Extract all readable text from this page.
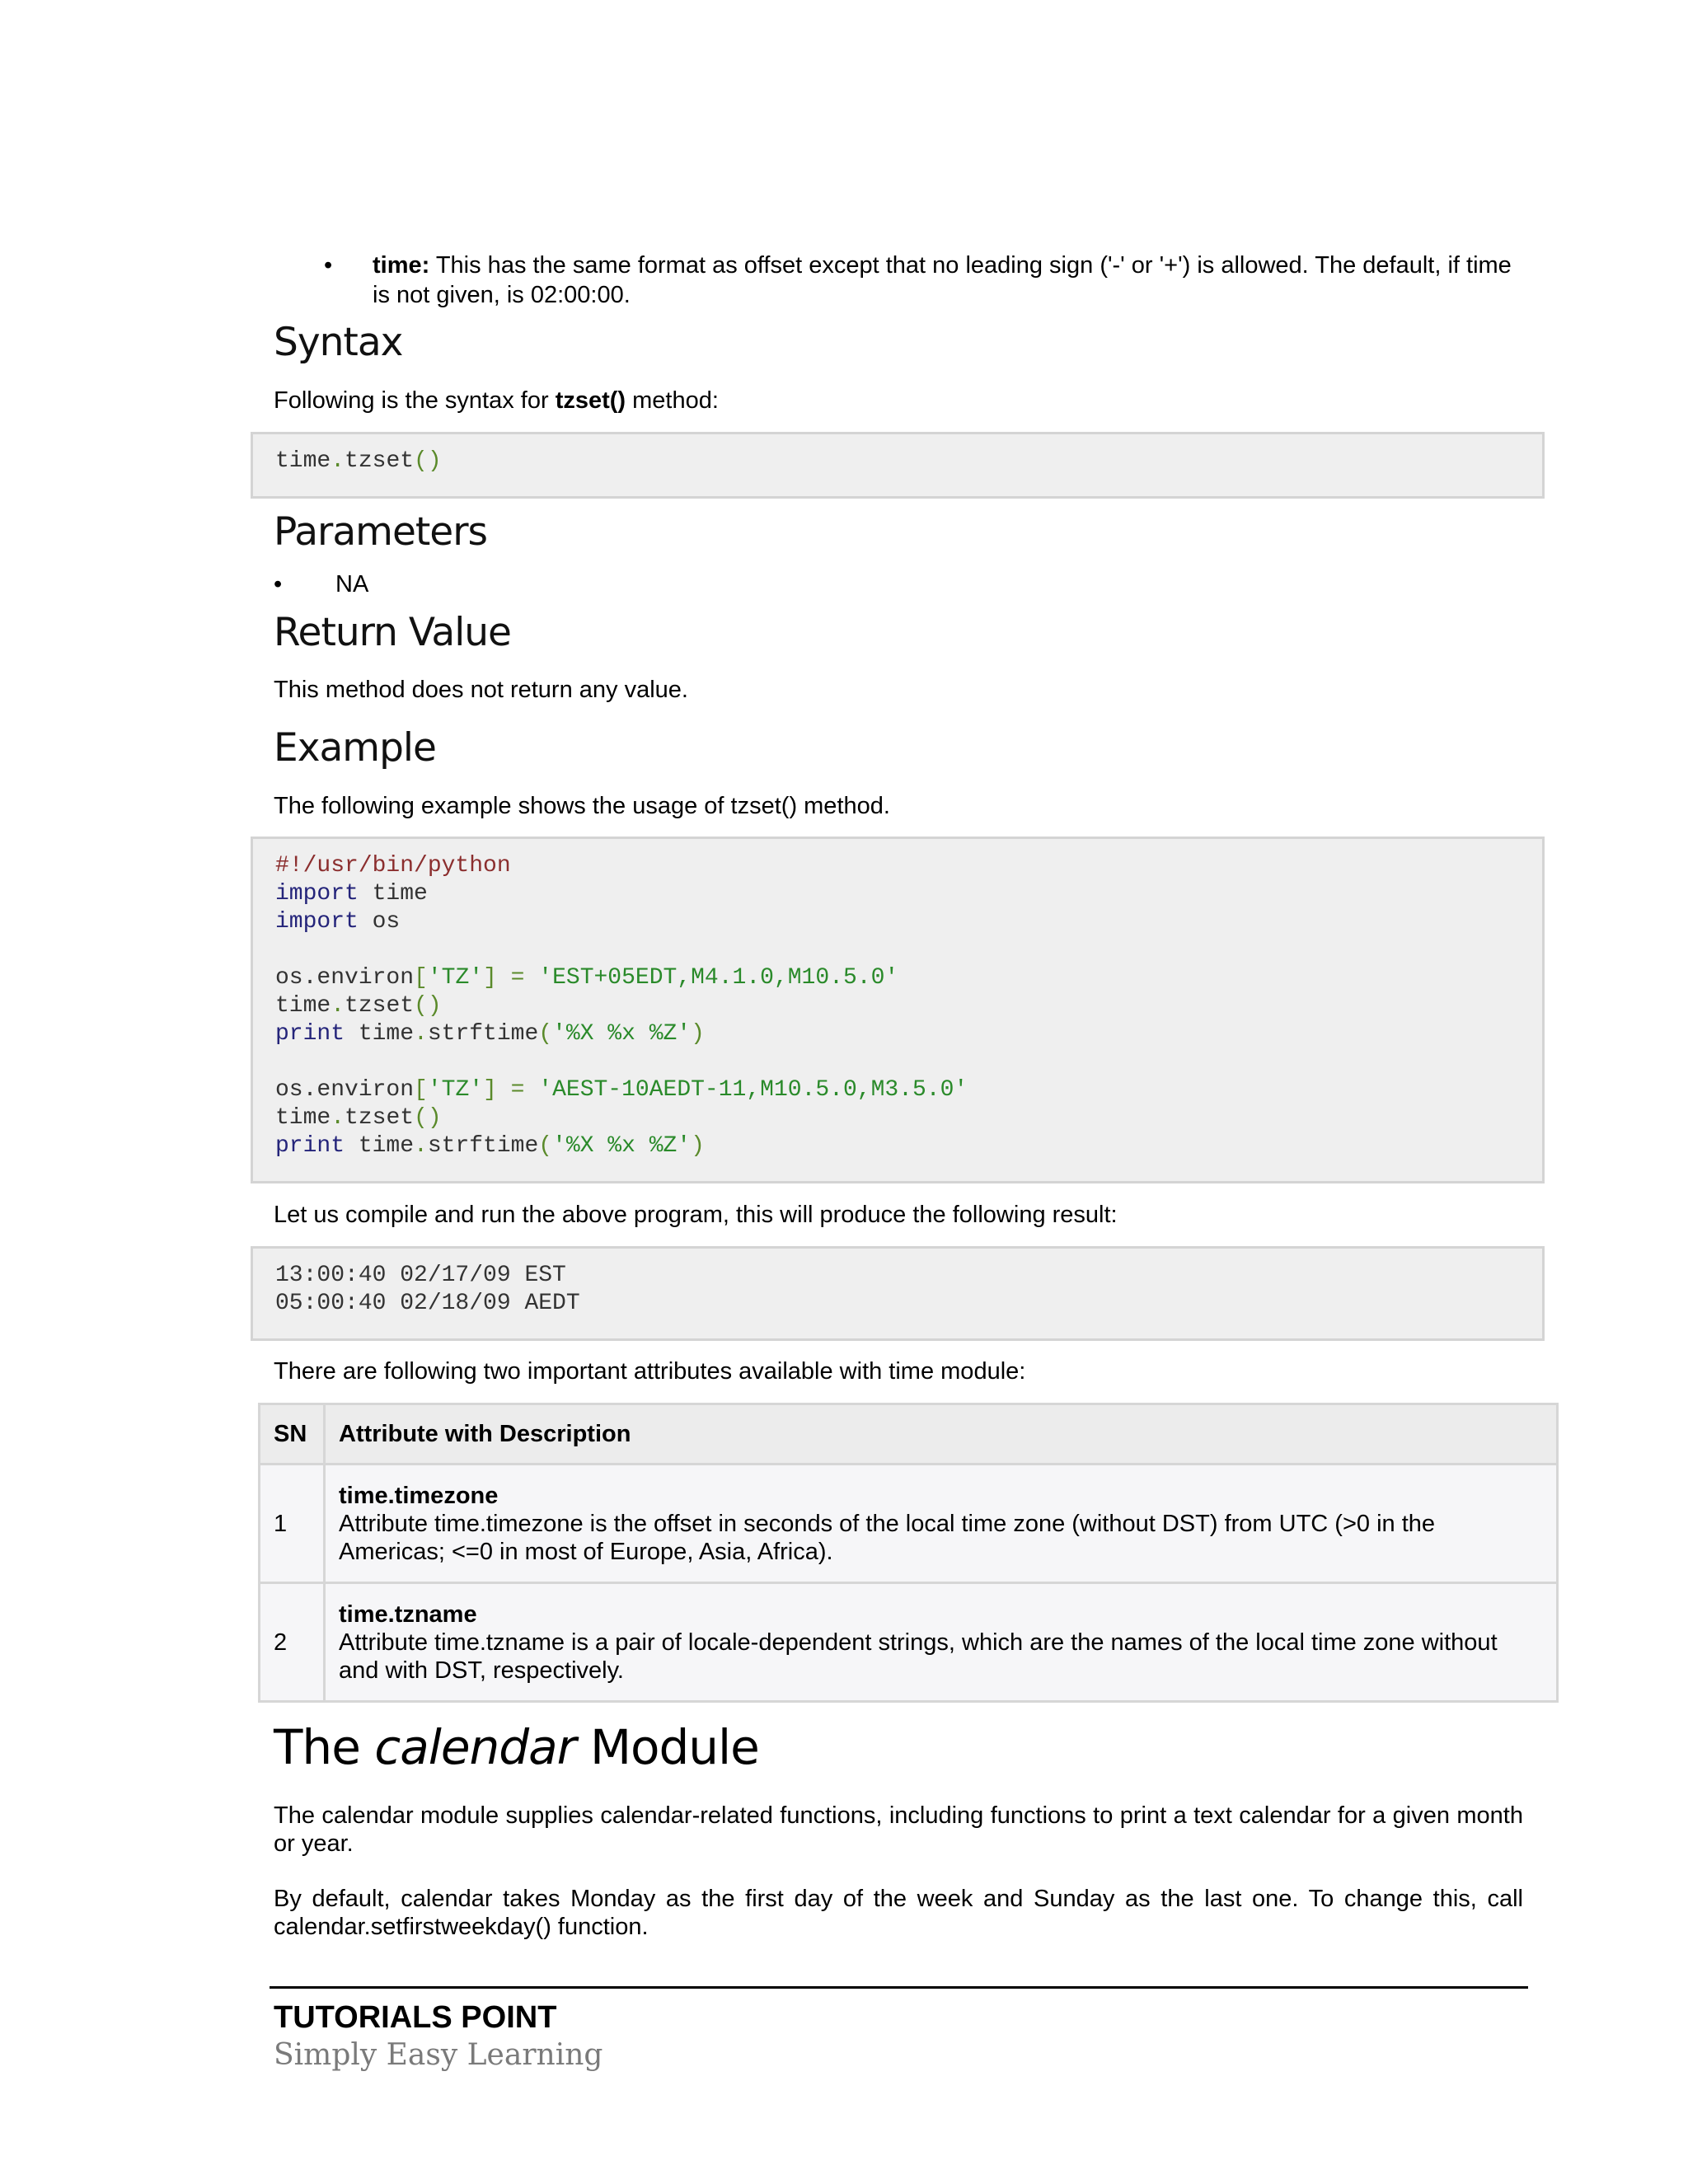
• time: This has the same format as offset except that no leading sign ('-' or '+') is allowed. The default, if time is not given, is 02:00:00.
Syntax
Following is the syntax for tzset() method:
time.tzset()
Parameters
• NA
Return Value
This method does not return any value.
Example
The following example shows the usage of tzset() method.
#!/usr/bin/python
import time
import os
os.environ['TZ'] = 'EST+05EDT,M4.1.0,M10.5.0'
time.tzset()
print time.strftime('%X %x %Z')
os.environ['TZ'] = 'AEST-10AEDT-11,M10.5.0,M3.5.0'
time.tzset()
print time.strftime('%X %x %Z')
Let us compile and run the above program, this will produce the following result:
13:00:40 02/17/09 EST
05:00:40 02/18/09 AEDT
There are following two important attributes available with time module:
SN	Attribute with Description
1	time.timezone
Attribute time.timezone is the offset in seconds of the local time zone (without DST) from UTC (>0 in the Americas; <=0 in most of Europe, Asia, Africa).

2	time.tzname
Attribute time.tzname is a pair of locale-dependent strings, which are the names of the local time zone without and with DST, respectively.
The calendar Module
The calendar module supplies calendar-related functions, including functions to print a text calendar for a given month or year.
By default, calendar takes Monday as the first day of the week and Sunday as the last one. To change this, call calendar.setfirstweekday() function.
TUTORIALS POINT
Simply Easy Learning
